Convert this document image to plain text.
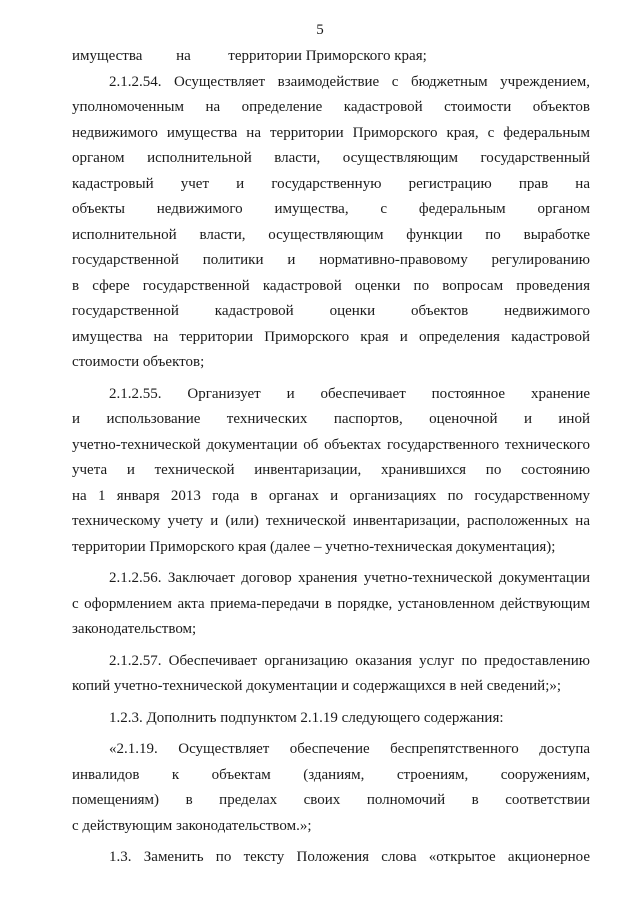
5
имущества         на          территории Приморского края;
2.1.2.54. Осуществляет взаимодействие с бюджетным учреждением,
уполномоченным на определение кадастровой стоимости объектов
недвижимого имущества на территории Приморского края, с федеральным
органом исполнительной власти, осуществляющим государственный
кадастровый учет и государственную регистрацию прав на
объекты недвижимого имущества, с федеральным органом
исполнительной власти, осуществляющим функции по выработке
государственной политики и нормативно-правовому регулированию
в сфере государственной кадастровой оценки по вопросам проведения
государственной кадастровой оценки объектов недвижимого
имущества на территории Приморского края и определения кадастровой
стоимости объектов;
2.1.2.55. Организует и обеспечивает постоянное хранение
и использование технических паспортов, оценочной и иной
учетно-технической документации об объектах государственного технического
учета и технической инвентаризации, хранившихся по состоянию
на 1 января 2013 года в органах и организациях по государственному
техническому учету и (или) технической инвентаризации, расположенных на
территории Приморского края (далее – учетно-техническая документация);
2.1.2.56. Заключает договор хранения учетно-технической документации
с оформлением акта приема-передачи в порядке, установленном действующим
законодательством;
2.1.2.57. Обеспечивает организацию оказания услуг по предоставлению
копий учетно-технической документации и содержащихся в ней сведений;»;
1.2.3. Дополнить подпунктом 2.1.19 следующего содержания:
«2.1.19. Осуществляет обеспечение беспрепятственного доступа
инвалидов к объектам (зданиям, строениям, сооружениям,
помещениям) в пределах своих полномочий в соответствии
с действующим законодательством.»;
1.3. Заменить по тексту Положения слова «открытое акционерное
